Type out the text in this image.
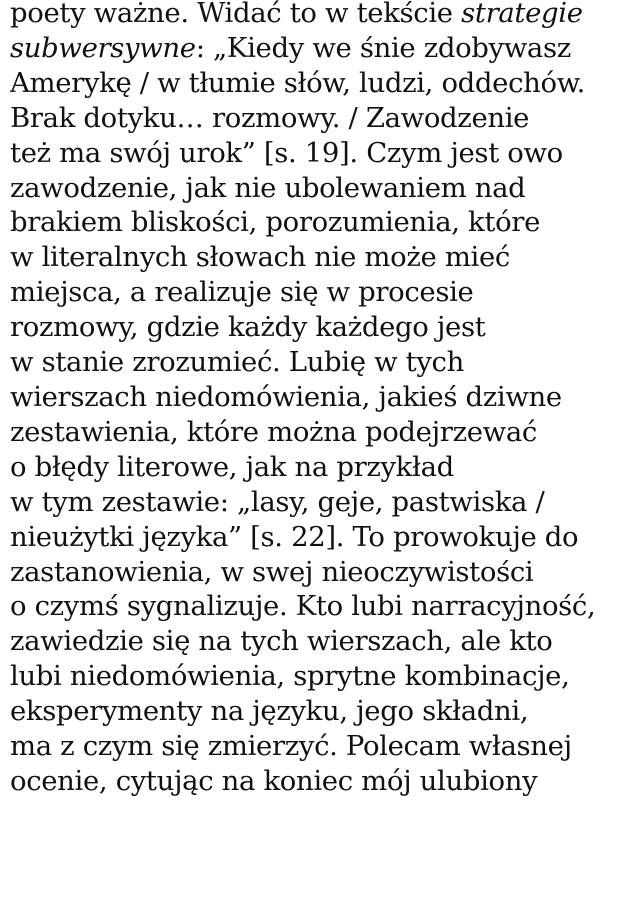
poety ważne. Widać to w tekście strategie
subwersywne: „Kiedy we śnie zdobywasz
Amerykę / w tłumie słów, ludzi, oddechów.
Brak dotyku… rozmowy. / Zawodzenie
też ma swój urok” [s. 19]. Czym jest owo
zawodzenie, jak nie ubolewaniem nad
brakiem bliskości, porozumienia, które
w literalnych słowach nie może mieć
miejsca, a realizuje się w procesie
rozmowy, gdzie każdy każdego jest
w stanie zrozumieć. Lubię w tych
wierszach niedomówienia, jakieś dziwne
zestawienia, które można podejrzewać
o błędy literowe, jak na przykład
w tym zestawie: „lasy, geje, pastwiska /
nieużytki języka” [s. 22]. To prowokuje do
zastanowienia, w swej nieoczywistości
o czymś sygnalizuje. Kto lubi narracyjność,
zawiedzie się na tych wierszach, ale kto
lubi niedomówienia, sprytne kombinacje,
eksperymenty na języku, jego składni,
ma z czym się zmierzyć. Polecam własnej
ocenie, cytując na koniec mój ulubiony
